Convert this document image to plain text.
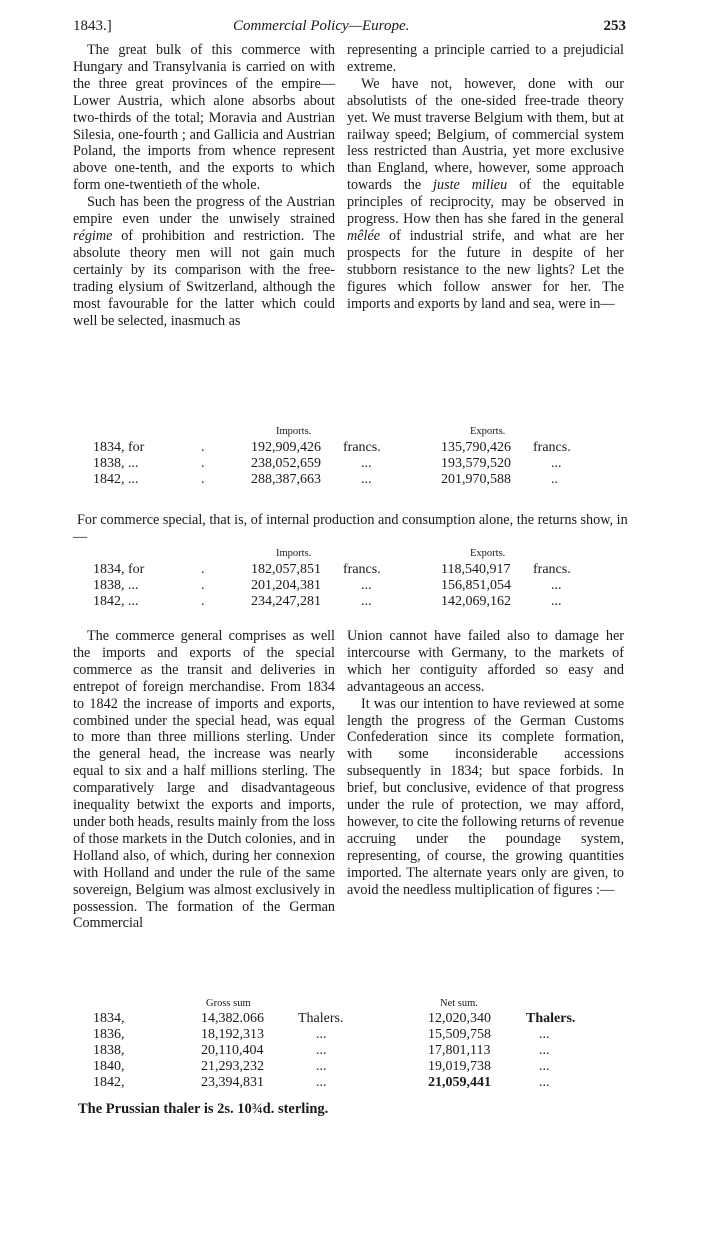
1843.]	Commercial Policy—Europe.	253

The great bulk of this commerce with Hungary and Transylvania is carried on with the three great provinces of the empire—Lower Austria, which alone absorbs about two-thirds of the total; Moravia and Austrian Silesia, one-fourth ; and Gallicia and Austrian Poland, the imports from whence represent above one-tenth, and the exports to which form one-twentieth of the whole.

Such has been the progress of the Austrian empire even under the unwisely strained régime of prohibition and restriction. The absolute theory men will not gain much certainly by its comparison with the free-trading elysium of Switzerland, although the most favourable for the latter which could well be selected, inasmuch as

representing a principle carried to a prejudicial extreme.

We have not, however, done with our absolutists of the one-sided free-trade theory yet. We must traverse Belgium with them, but at railway speed; Belgium, of commercial system less restricted than Austria, yet more exclusive than England, where, however, some approach towards the juste milieu of the equitable principles of reciprocity, may be observed in progress. How then has she fared in the general mêlée of industrial strife, and what are her prospects for the future in despite of her stubborn resistance to the new lights? Let the figures which follow answer for her. The imports and exports by land and sea, were in—

Imports.	Exports.
1834, for	.	192,909,426 francs.	135,790,426 francs.
1838, ...	.	238,052,659	...	193,579,520	...
1842, ...	.	288,387,663	...	201,970,588	..
For commerce special, that is, of internal production and consumption alone, the returns show, in—
Imports.	Exports.
1834, for	.	182,057,851 francs.	118,540,917 francs.
1838, ...	.	201,204,381	...	156,851,054	...
1842, ...	.	234,247,281	...	142,069,162	...

The commerce general comprises as well the imports and exports of the special commerce as the transit and deliveries in entrepot of foreign merchandise. From 1834 to 1842 the increase of imports and exports, combined under the special head, was equal to more than three millions sterling. Under the general head, the increase was nearly equal to six and a half millions sterling. The comparatively large and disadvantageous inequality betwixt the exports and imports, under both heads, results mainly from the loss of those markets in the Dutch colonies, and in Holland also, of which, during her connexion with Holland and under the rule of the same sovereign, Belgium was almost exclusively in possession. The formation of the German Commercial

Union cannot have failed also to damage her intercourse with Germany, to the markets of which her contiguity afforded so easy and advantageous an access.

It was our intention to have reviewed at some length the progress of the German Customs Confederation since its complete formation, with some inconsiderable accessions subsequently in 1834; but space forbids. In brief, but conclusive, evidence of that progress under the rule of protection, we may afford, however, to cite the following returns of revenue accruing under the poundage system, representing, of course, the growing quantities imported. The alternate years only are given, to avoid the needless multiplication of figures :—

Gross sum	Net sum.
1834,	14,382.066 Thalers.	12,020,340	Thalers.
1836,	18,192,313	...	15,509,758	...
1838,	20,110,404	...	17,801,113	...
1840,	21,293,232	...	19,019,738	...
1842,	23,394,831	...	21,059,441	...
The Prussian thaler is 2s. 10¾d. sterling.
